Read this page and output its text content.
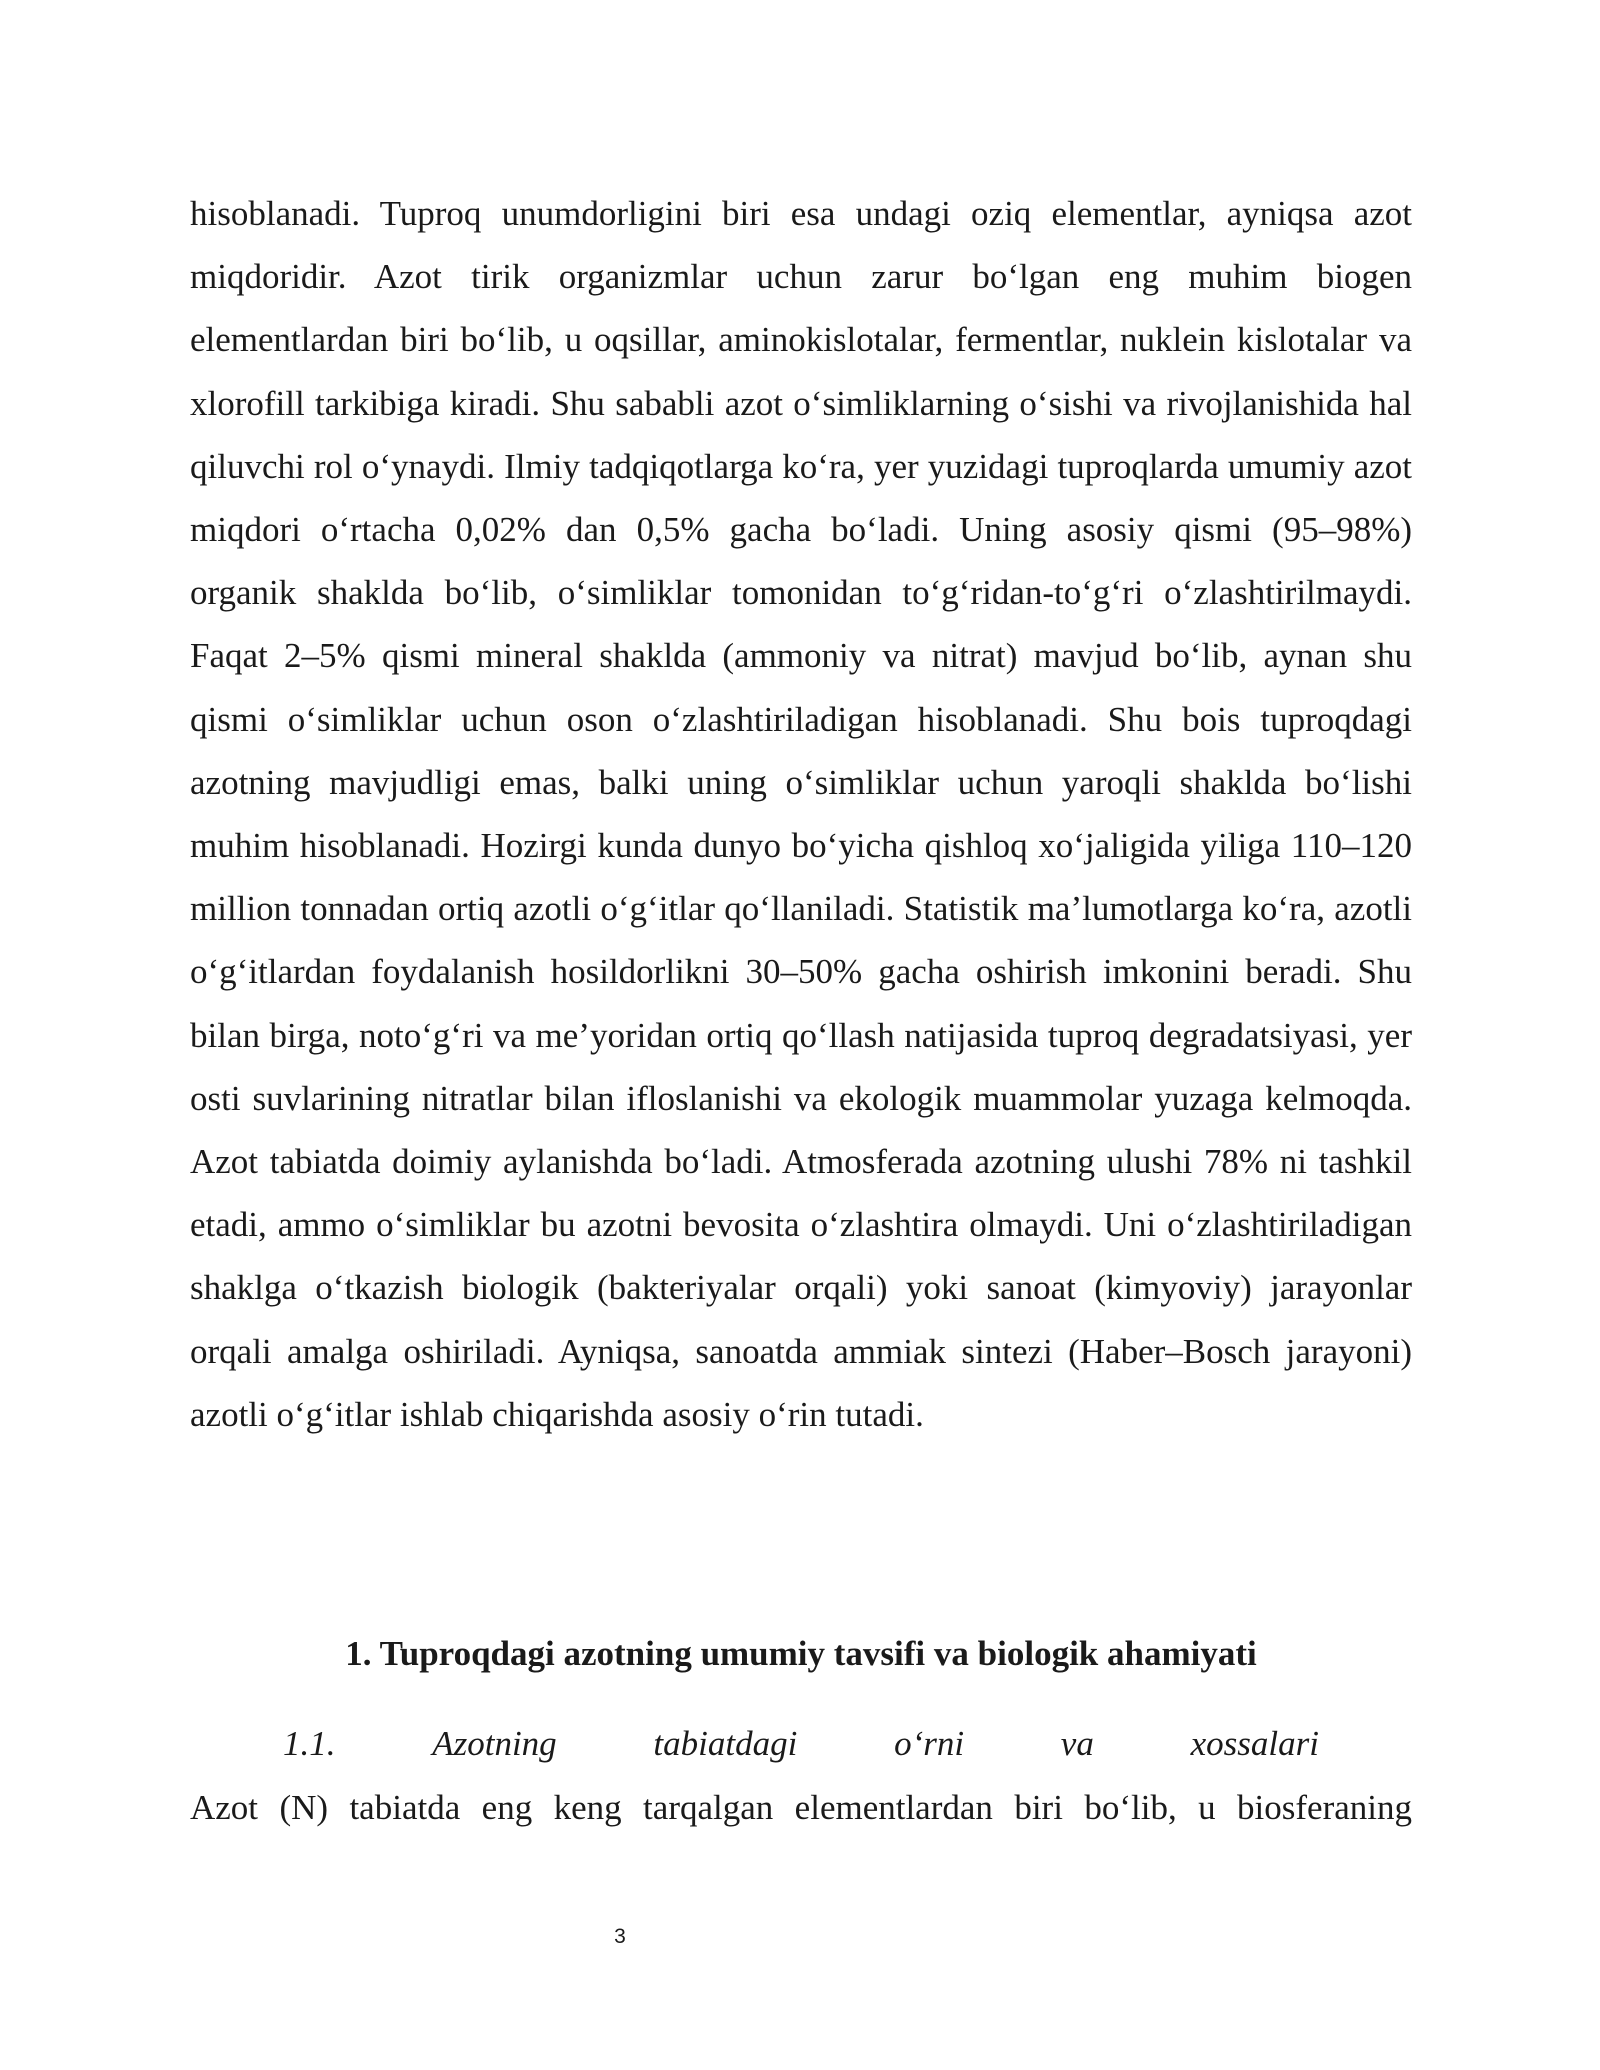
hisoblanadi. Tuproq unumdorligini biri esa undagi oziq elementlar, ayniqsa azot miqdoridir. Azot tirik organizmlar uchun zarur bo‘lgan eng muhim biogen elementlardan biri bo‘lib, u oqsillar, aminokislotalar, fermentlar, nuklein kislotalar va xlorofill tarkibiga kiradi. Shu sababli azot o‘simliklarning o‘sishi va rivojlanishida hal qiluvchi rol o‘ynaydi. Ilmiy tadqiqotlarga ko‘ra, yer yuzidagi tuproqlarda umumiy azot miqdori o‘rtacha 0,02% dan 0,5% gacha bo‘ladi. Uning asosiy qismi (95–98%) organik shaklda bo‘lib, o‘simliklar tomonidan to‘g‘ridan-to‘g‘ri o‘zlashtirilmaydi. Faqat 2–5% qismi mineral shaklda (ammoniy va nitrat) mavjud bo‘lib, aynan shu qismi o‘simliklar uchun oson o‘zlashtiriladigan hisoblanadi. Shu bois tuproqdagi azotning mavjudligi emas, balki uning o‘simliklar uchun yaroqli shaklda bo‘lishi muhim hisoblanadi. Hozirgi kunda dunyo bo‘yicha qishloq xo‘jaligida yiliga 110–120 million tonnadan ortiq azotli o‘g‘itlar qo‘llaniladi. Statistik ma’lumotlarga ko‘ra, azotli o‘g‘itlardan foydalanish hosildorlikni 30–50% gacha oshirish imkonini beradi. Shu bilan birga, noto‘g‘ri va me’yoridan ortiq qo‘llash natijasida tuproq degradatsiyasi, yer osti suvlarining nitratlar bilan ifloslanishi va ekologik muammolar yuzaga kelmoqda. Azot tabiatda doimiy aylanishda bo‘ladi. Atmosferada azotning ulushi 78% ni tashkil etadi, ammo o‘simliklar bu azotni bevosita o‘zlashtira olmaydi. Uni o‘zlashtiriladigan shaklga o‘tkazish biologik (bakteriyalar orqali) yoki sanoat (kimyoviy) jarayonlar orqali amalga oshiriladi. Ayniqsa, sanoatda ammiak sintezi (Haber–Bosch jarayoni) azotli o‘g‘itlar ishlab chiqarishda asosiy o‘rin tutadi.

1. Tuproqdagi azotning umumiy tavsifi va biologik ahamiyati
1.1.	Azotning	tabiatdagi	o‘rni	va	xossalari

Azot (N) tabiatda eng keng tarqalgan elementlardan biri bo‘lib, u biosferaning

3
